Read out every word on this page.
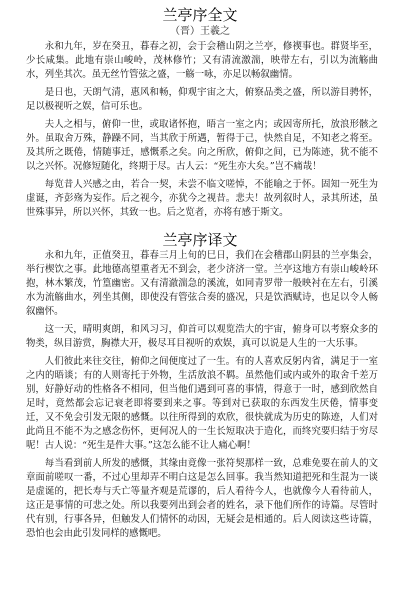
兰亭序全文
（晋）王羲之

永和九年，岁在癸丑，暮春之初，会于会稽山阴之兰亭，修禊事也。群贤毕至，少长咸集。此地有崇山峻岭，茂林修竹；又有清流激湍，映带左右，引以为流觞曲水，列坐其次。虽无丝竹管弦之盛，一觞一咏，亦足以畅叙幽情。

是日也，天朗气清，惠风和畅，仰观宇宙之大，俯察品类之盛，所以游目骋怀，足以极视听之娱，信可乐也。

夫人之相与，俯仰一世，或取诸怀抱，晤言一室之内；或因寄所托，放浪形骸之外。虽取舍万殊，静躁不同，当其欣于所遇，暂得于己，快然自足，不知老之将至。及其所之既倦，情随事迁，感慨系之矣。向之所欣，俯仰之间，已为陈迹，犹不能不以之兴怀。况修短随化，终期于尽。古人云：“死生亦大矣。”岂不痛哉！

每览昔人兴感之由，若合一契，未尝不临文嗟悼，不能喻之于怀。固知一死生为虚诞，齐彭殇为妄作。后之视今，亦犹今之视昔。悲夫！故列叙时人，录其所述，虽世殊事异，所以兴怀，其致一也。后之览者，亦将有感于斯文。

兰亭序译文

永和九年，正值癸丑，暮春三月上旬的巳日，我们在会稽郡山阴县的兰亭集会，举行楔饮之事。此地德高望重者无不到会，老少济济一堂。兰亭这地方有崇山峻岭环抱，林木繁茂，竹篁幽密。又有清澈湍急的溪流，如同青罗带一般映衬在左右，引溪水为流觞曲水，列坐其侧，即使没有管弦合奏的盛况，只是饮酒赋诗，也足以令人畅叙幽怀。

这一天，晴明爽朗，和风习习，仰首可以观览浩大的宇宙，俯身可以考察众多的物类，纵目游赏，胸襟大开，极尽耳目视听的欢娱，真可以说是人生的一大乐事。

人们彼此来往交往，俯仰之间便度过了一生。有的人喜欢反躬内省，满足于一室之内的晤谈；有的人则寄托于外物，生活放浪不羁。虽然他们或内或外的取舍千差万别，好静好动的性格各不相同，但当他们遇到可喜的事情，得意于一时，感到欣然自足时，竟然都会忘记衰老即将要到来之事。等到对已获取的东西发生厌倦，情事变迁，又不免会引发无限的感慨。以往所得到的欢欣，很快就成为历史的陈迹，人们对此尚且不能不为之感念伤怀，更何况人的一生长短取决于造化，而终究要归结于穷尽呢！古人说：“死生是件大事。”这怎么能不让人痛心啊！

每当看到前人所发的感慨，其缘由竟像一张符契那样一致，总难免要在前人的文章面前嗟叹一番，不过心里却弄不明白这是怎么回事。我当然知道把死和生混为一谈是虚诞的，把长寿与夭亡等量齐观是荒谬的，后人看待今人，也就像今人看待前人，这正是事情的可悲之处。所以我要列出到会者的姓名，录下他们所作的诗篇。尽管时代有别，行事各异，但触发人们情怀的动因，无疑会是相通的。后人阅读这些诗篇，恐怕也会由此引发同样的感慨吧。
